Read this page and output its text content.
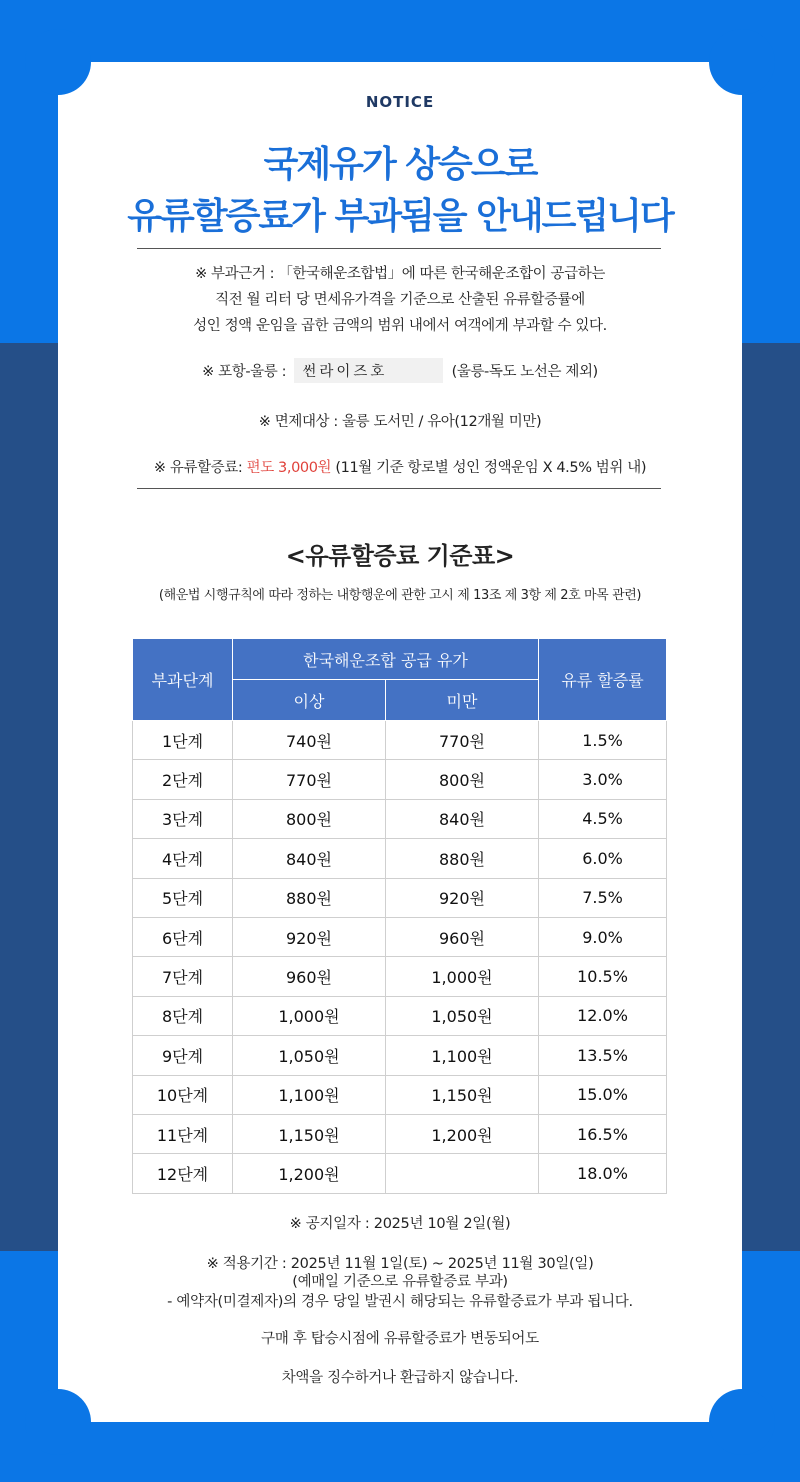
NOTICE
국제유가 상승으로
유류할증료가 부과됨을 안내드립니다
※ 부과근거 : 「한국해운조합법」에 따른 한국해운조합이 공급하는
직전 월 리터 당 면세유가격을 기준으로 산출된 유류할증률에
성인 정액 운임을 곱한 금액의 범위 내에서 여객에게 부과할 수 있다.
※ 포항-울릉 : 썬라이즈호	(울릉-독도 노선은 제외)
※ 면제대상 : 울릉 도서민 / 유아(12개월 미만)
※ 유류할증료: 편도 3,000원 (11월 기준 항로별 성인 정액운임 X 4.5% 범위 내)
<유류할증료 기준표>
(해운법 시행규칙에 따라 정하는 내항행운에 관한 고시 제 13조 제 3항 제 2호 마목 관련)
부과단계	한국해운조합 공급 유가		유류 할증률
	이상	미만	
1단계	740원	770원	1.5%
2단계	770원	800원	3.0%
3단계	800원	840원	4.5%
4단계	840원	880원	6.0%
5단계	880원	920원	7.5%
6단계	920원	960원	9.0%
7단계	960원	1,000원	10.5%
8단계	1,000원	1,050원	12.0%
9단계	1,050원	1,100원	13.5%
10단계	1,100원	1,150원	15.0%
11단계	1,150원	1,200원	16.5%
12단계	1,200원		18.0%
※ 공지일자 : 2025년 10월 2일(월)
※ 적용기간 : 2025년 11월 1일(토) ~ 2025년 11월 30일(일)
(예매일 기준으로 유류할증료 부과)
- 예약자(미결제자)의 경우 당일 발권시 해당되는 유류할증료가 부과 됩니다.
구매 후 탑승시점에 유류할증료가 변동되어도
차액을 징수하거나 환급하지 않습니다.
